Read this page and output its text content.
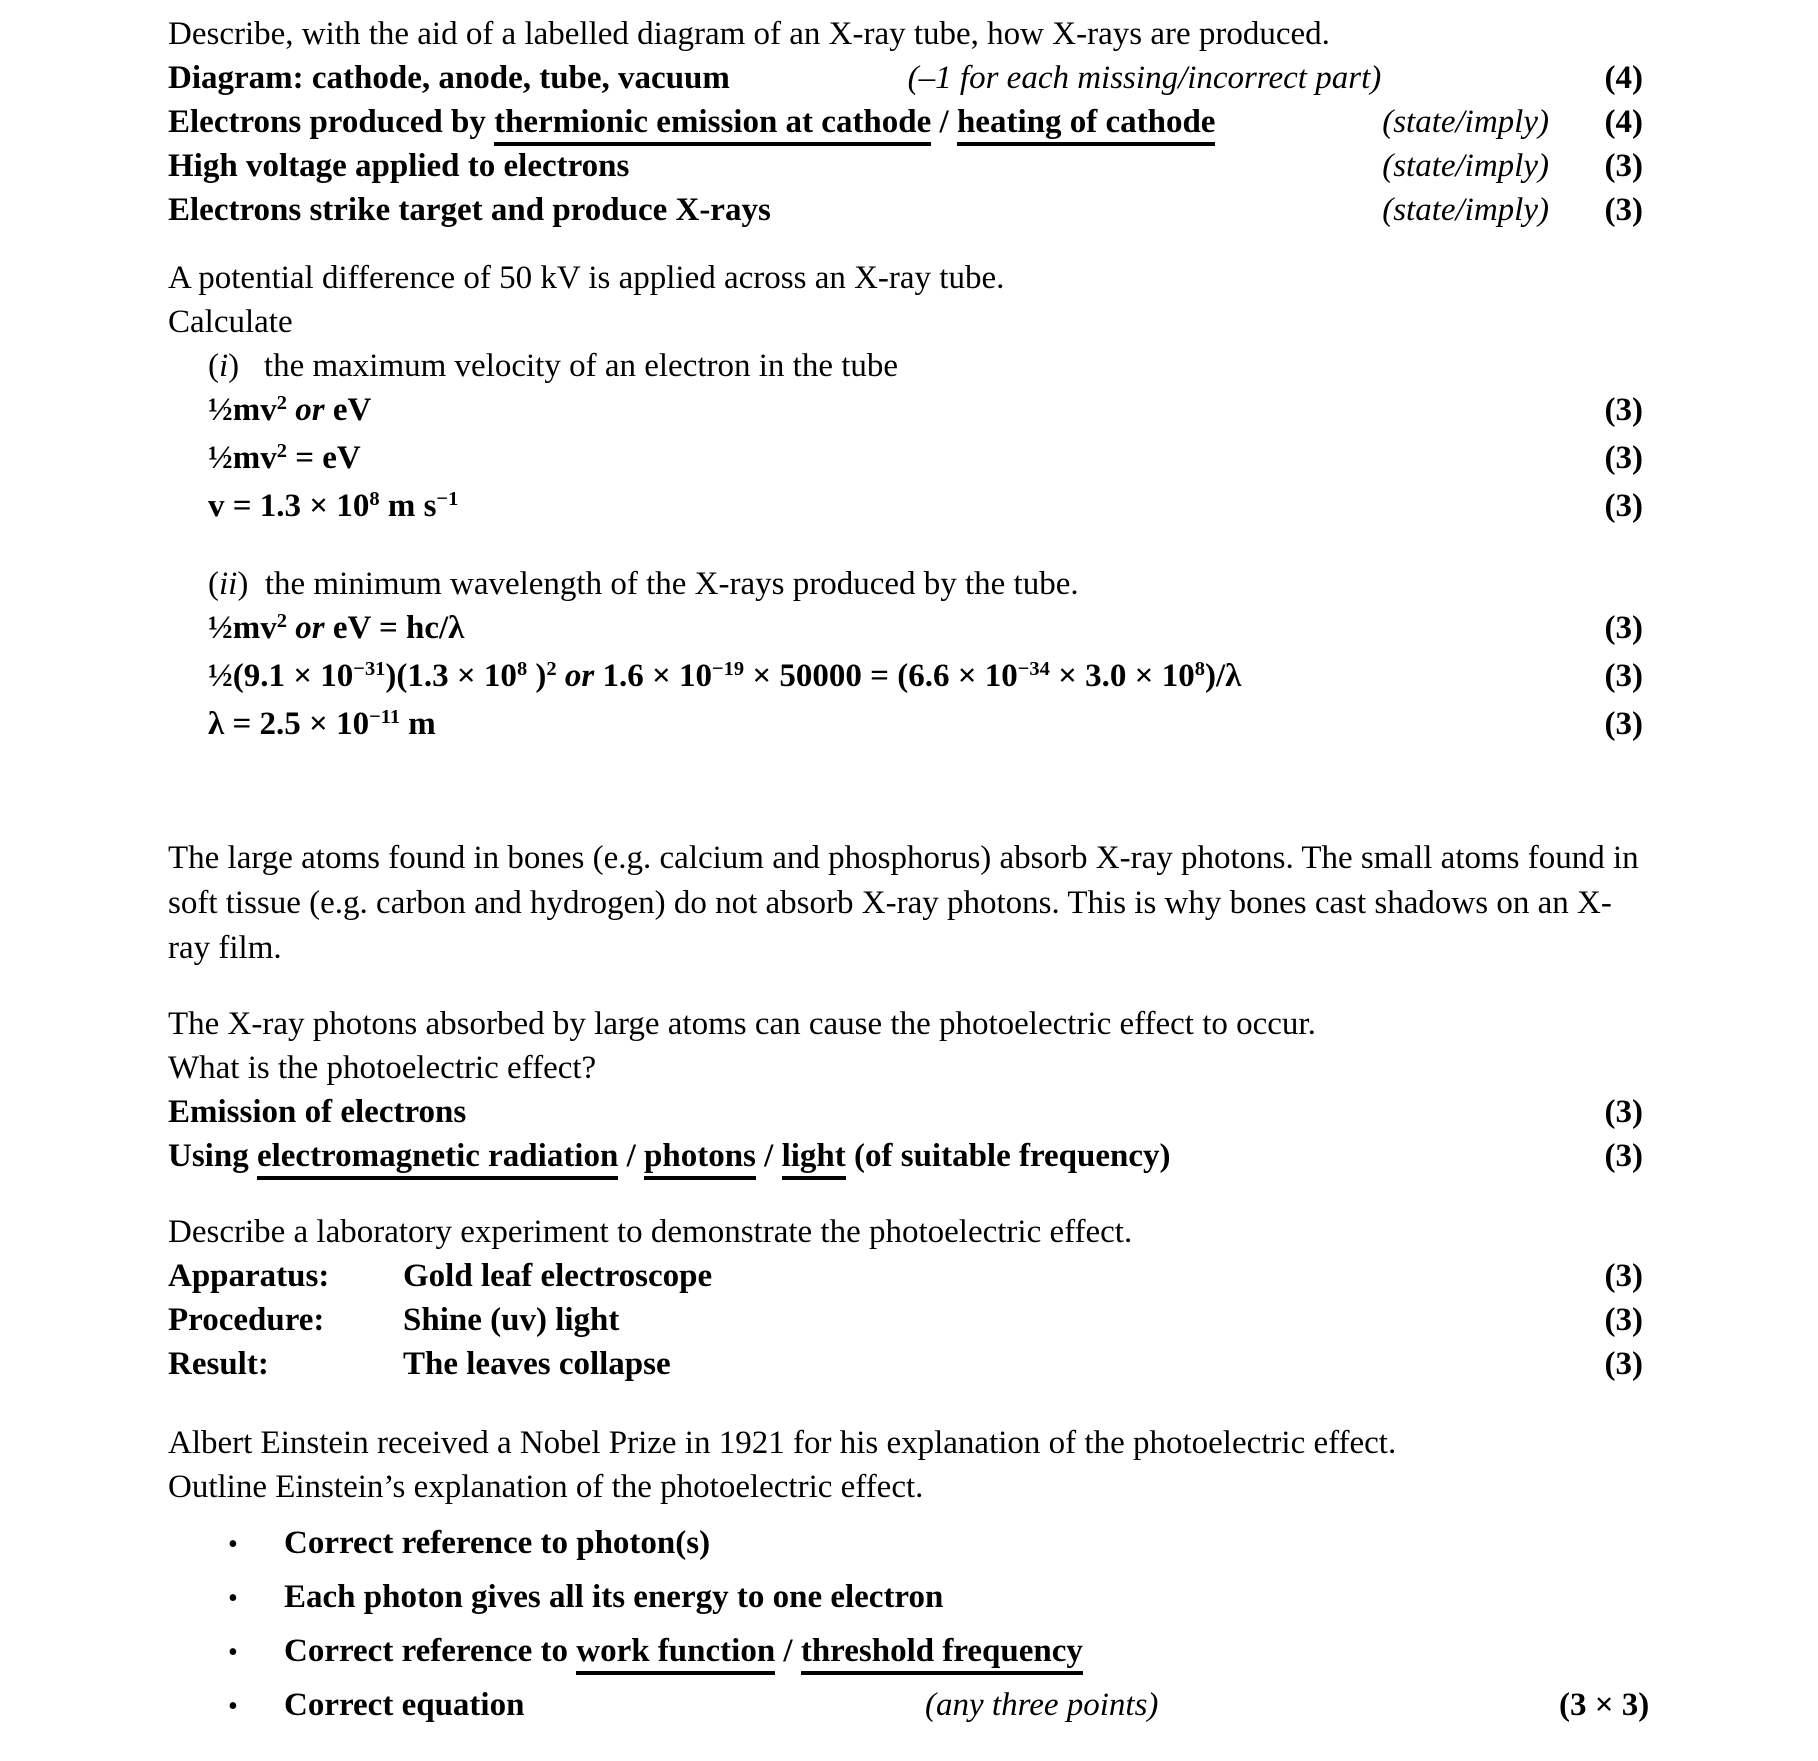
Describe, with the aid of a labelled diagram of an X-ray tube, how X-rays are produced.
Diagram: cathode, anode, tube, vacuum	(–1 for each missing/incorrect part)	(4)
Electrons produced by thermionic emission at cathode / heating of cathode	(state/imply)	(4)
High voltage applied to electrons	(state/imply)	(3)
Electrons strike target and produce X-rays	(state/imply)	(3)
A potential difference of 50 kV is applied across an X-ray tube.
Calculate
(i)   the maximum velocity of an electron in the tube
$\frac{1}{2}mv^2$ or eV	(3)
$\frac{1}{2}mv^2$ = eV	(3)
$v = 1.3 \times 10^8$ m $s^{-1}$	(3)
(ii)  the minimum wavelength of the X-rays produced by the tube.
$\frac{1}{2}mv^2$ or eV = hc/λ	(3)
½(9.1 × $10^{-31})(1.3 \times 10^8$ )$^2$ or $1.6 \times 10^{-19} \times 50000 = (6.6 \times 10^{-34} \times 3.0 \times 10^8)/\lambda$	(3)
$\lambda = 2.5 \times 10^{-11}$ m	(3)
The large atoms found in bones (e.g. calcium and phosphorus) absorb X-ray photons. The small atoms found in soft tissue (e.g. carbon and hydrogen) do not absorb X-ray photons. This is why bones cast shadows on an X-ray film.
The X-ray photons absorbed by large atoms can cause the photoelectric effect to occur.
What is the photoelectric effect?
Emission of electrons	(3)
Using electromagnetic radiation / photons / light (of suitable frequency)	(3)
Describe a laboratory experiment to demonstrate the photoelectric effect.
Apparatus:	Gold leaf electroscope	(3)
Procedure:	Shine (uv) light	(3)
Result:	The leaves collapse	(3)
Albert Einstein received a Nobel Prize in 1921 for his explanation of the photoelectric effect.
Outline Einstein’s explanation of the photoelectric effect.
•	Correct reference to photon(s)
•	Each photon gives all its energy to one electron
•	Correct reference to work function / threshold frequency
•	Correct equation	(any three points)	(3 × 3)
